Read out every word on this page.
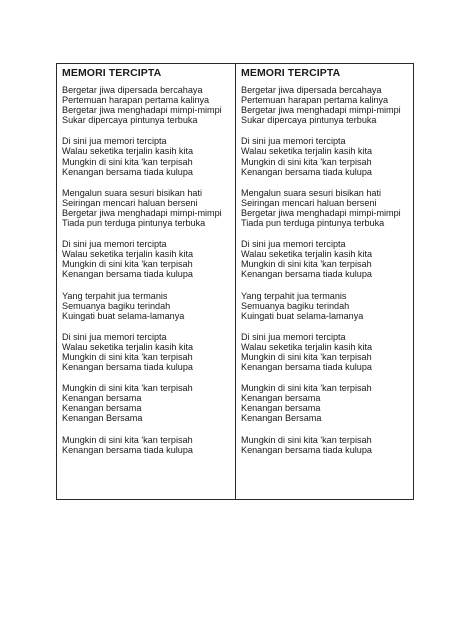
MEMORI TERCIPTA
Bergetar jiwa dipersada bercahaya
Pertemuan harapan pertama kalinya
Bergetar jiwa menghadapi mimpi-mimpi
Sukar dipercaya pintunya terbuka
Di sini jua memori tercipta
Walau seketika terjalin kasih kita
Mungkin di sini kita 'kan terpisah
Kenangan bersama tiada kulupa
Mengalun suara sesuri bisikan hati
Seiringan mencari haluan berseni
Bergetar jiwa menghadapi mimpi-mimpi
Tiada pun terduga pintunya terbuka
Di sini jua memori tercipta
Walau seketika terjalin kasih kita
Mungkin di sini kita 'kan terpisah
Kenangan bersama tiada kulupa
Yang terpahit jua termanis
Semuanya bagiku terindah
Kuingati buat selama-lamanya
Di sini jua memori tercipta
Walau seketika terjalin kasih kita
Mungkin di sini kita 'kan terpisah
Kenangan bersama tiada kulupa
Mungkin di sini kita 'kan terpisah
Kenangan bersama
Kenangan bersama
Kenangan Bersama
Mungkin di sini kita 'kan terpisah
Kenangan bersama tiada kulupa
MEMORI TERCIPTA
Bergetar jiwa dipersada bercahaya
Pertemuan harapan pertama kalinya
Bergetar jiwa menghadapi mimpi-mimpi
Sukar dipercaya pintunya terbuka
Di sini jua memori tercipta
Walau seketika terjalin kasih kita
Mungkin di sini kita 'kan terpisah
Kenangan bersama tiada kulupa
Mengalun suara sesuri bisikan hati
Seiringan mencari haluan berseni
Bergetar jiwa menghadapi mimpi-mimpi
Tiada pun terduga pintunya terbuka
Di sini jua memori tercipta
Walau seketika terjalin kasih kita
Mungkin di sini kita 'kan terpisah
Kenangan bersama tiada kulupa
Yang terpahit jua termanis
Semuanya bagiku terindah
Kuingati buat selama-lamanya
Di sini jua memori tercipta
Walau seketika terjalin kasih kita
Mungkin di sini kita 'kan terpisah
Kenangan bersama tiada kulupa
Mungkin di sini kita 'kan terpisah
Kenangan bersama
Kenangan bersama
Kenangan Bersama
Mungkin di sini kita 'kan terpisah
Kenangan bersama tiada kulupa
